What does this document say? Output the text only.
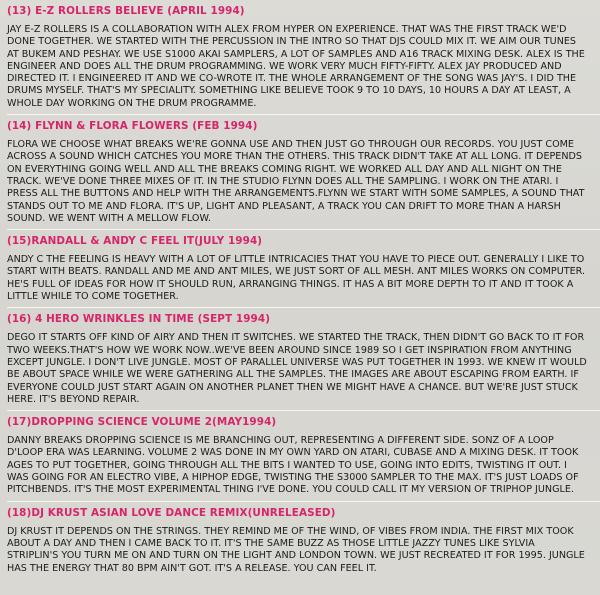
(13) E-Z ROLLERS BELIEVE (APRIL 1994)
JAY E-Z ROLLERS IS A COLLABORATION WITH ALEX FROM HYPER ON EXPERIENCE. THAT WAS THE FIRST TRACK WE'D DONE TOGETHER. WE STARTED WITH THE PERCUSSION IN THE INTRO SO THAT DJS COULD MIX IT. WE AIM OUR TUNES AT BUKEM AND PESHAY. WE USE S1000 AKAI SAMPLERS, A LOT OF SAMPLES AND A16 TRACK MIXING DESK. ALEX IS THE ENGINEER AND DOES ALL THE DRUM PROGRAMMING. WE WORK VERY MUCH FIFTY-FIFTY. ALEX JAY PRODUCED AND DIRECTED IT. I ENGINEERED IT AND WE CO-WROTE IT. THE WHOLE ARRANGEMENT OF THE SONG WAS JAY'S. I DID THE DRUMS MYSELF. THAT'S MY SPECIALITY. SOMETHING LIKE BELIEVE TOOK 9 TO 10 DAYS, 10 HOURS A DAY AT LEAST, A WHOLE DAY WORKING ON THE DRUM PROGRAMME.
(14) FLYNN & FLORA FLOWERS (FEB 1994)
FLORA WE CHOOSE WHAT BREAKS WE'RE GONNA USE AND THEN JUST GO THROUGH OUR RECORDS. YOU JUST COME ACROSS A SOUND WHICH CATCHES YOU MORE THAN THE OTHERS. THIS TRACK DIDN'T TAKE AT ALL LONG. IT DEPENDS ON EVERYTHING GOING WELL AND ALL THE BREAKS COMING RIGHT. WE WORKED ALL DAY AND ALL NIGHT ON THE TRACK. WE'VE DONE THREE MIXES OF IT. IN THE STUDIO FLYNN DOES ALL THE SAMPLING. I WORK ON THE ATARI. I PRESS ALL THE BUTTONS AND HELP WITH THE ARRANGEMENTS.FLYNN WE START WITH SOME SAMPLES, A SOUND THAT STANDS OUT TO ME AND FLORA. IT'S UP, LIGHT AND PLEASANT, A TRACK YOU CAN DRIFT TO MORE THAN A HARSH SOUND. WE WENT WITH A MELLOW FLOW.
(15)RANDALL & ANDY C FEEL IT(JULY 1994)
ANDY C THE FEELING IS HEAVY WITH A LOT OF LITTLE INTRICACIES THAT YOU HAVE TO PIECE OUT. GENERALLY I LIKE TO START WITH BEATS. RANDALL AND ME AND ANT MILES, WE JUST SORT OF ALL MESH. ANT MILES WORKS ON COMPUTER. HE'S FULL OF IDEAS FOR HOW IT SHOULD RUN, ARRANGING THINGS. IT HAS A BIT MORE DEPTH TO IT AND IT TOOK A LITTLE WHILE TO COME TOGETHER.
(16) 4 HERO WRINKLES IN TIME (SEPT 1994)
DEGO IT STARTS OFF KIND OF AIRY AND THEN IT SWITCHES. WE STARTED THE TRACK, THEN DIDN'T GO BACK TO IT FOR TWO WEEKS.THAT'S HOW WE WORK NOW..WE'VE BEEN AROUND SINCE 1989 SO I GET INSPIRATION FROM ANYTHING EXCEPT JUNGLE. I DON'T LIVE JUNGLE. MOST OF PARALLEL UNIVERSE WAS PUT TOGETHER IN 1993. WE KNEW IT WOULD BE ABOUT SPACE WHILE WE WERE GATHERING ALL THE SAMPLES. THE IMAGES ARE ABOUT ESCAPING FROM EARTH. IF EVERYONE COULD JUST START AGAIN ON ANOTHER PLANET THEN WE MIGHT HAVE A CHANCE. BUT WE'RE JUST STUCK HERE. IT'S BEYOND REPAIR.
(17)DROPPING SCIENCE VOLUME 2(MAY1994)
DANNY BREAKS DROPPING SCIENCE IS ME BRANCHING OUT, REPRESENTING A DIFFERENT SIDE. SONZ OF A LOOP D'LOOP ERA WAS LEARNING. VOLUME 2 WAS DONE IN MY OWN YARD ON ATARI, CUBASE AND A MIXING DESK. IT TOOK AGES TO PUT TOGETHER, GOING THROUGH ALL THE BITS I WANTED TO USE, GOING INTO EDITS, TWISTING IT OUT. I WAS GOING FOR AN ELECTRO VIBE, A HIPHOP EDGE, TWISTING THE S3000 SAMPLER TO THE MAX. IT'S JUST LOADS OF PITCHBENDS. IT'S THE MOST EXPERIMENTAL THING I'VE DONE. YOU COULD CALL IT MY VERSION OF TRIPHOP JUNGLE.
(18)DJ KRUST ASIAN LOVE DANCE REMIX(UNRELEASED)
DJ KRUST IT DEPENDS ON THE STRINGS. THEY REMIND ME OF THE WIND, OF VIBES FROM INDIA. THE FIRST MIX TOOK ABOUT A DAY AND THEN I CAME BACK TO IT. IT'S THE SAME BUZZ AS THOSE LITTLE JAZZY TUNES LIKE SYLVIA STRIPLIN'S YOU TURN ME ON AND TURN ON THE LIGHT AND LONDON TOWN. WE JUST RECREATED IT FOR 1995. JUNGLE HAS THE ENERGY THAT 80 BPM AIN'T GOT. IT'S A RELEASE. YOU CAN FEEL IT.
